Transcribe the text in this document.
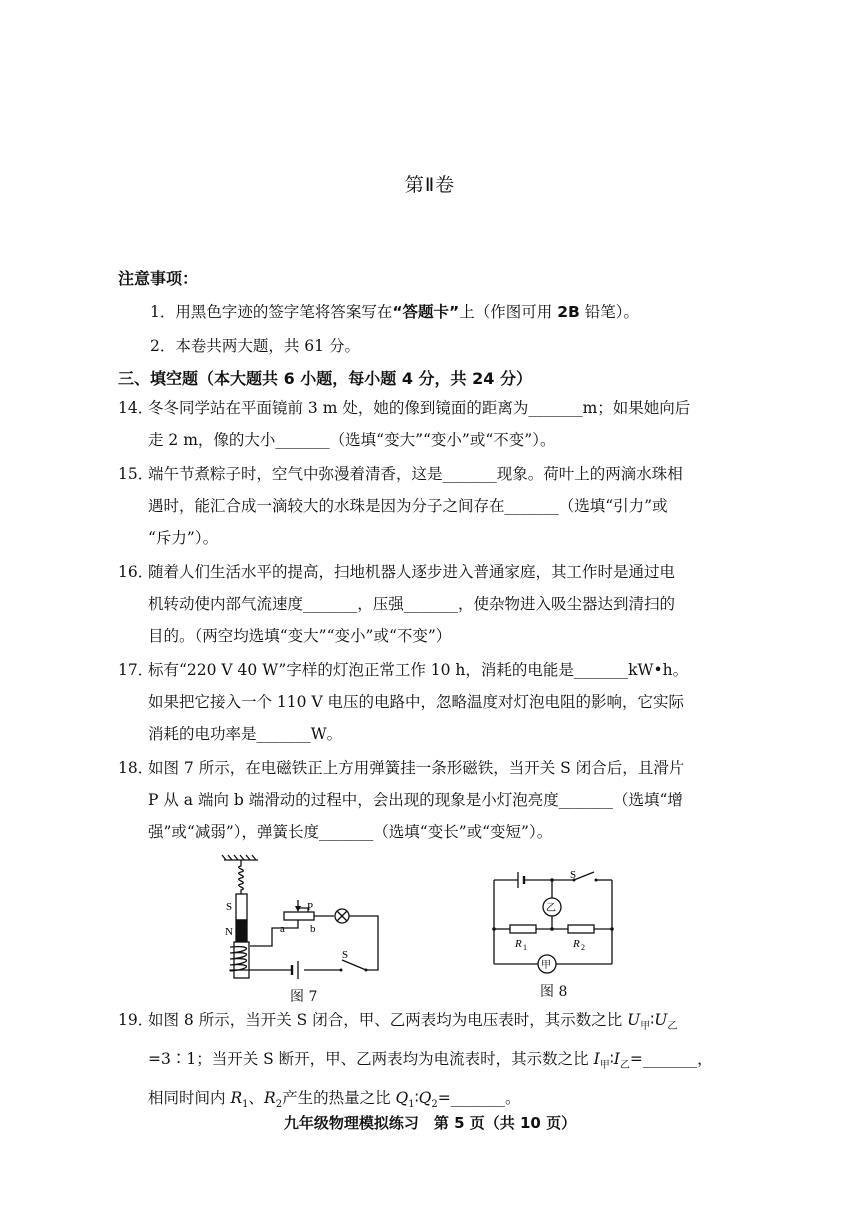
第Ⅱ卷
注意事项：
1．用黑色字迹的签字笔将答案写在“答题卡”上（作图可用 2B 铅笔）。
2．本卷共两大题，共 61 分。
三、填空题（本大题共 6 小题，每小题 4 分，共 24 分）
14．
冬冬同学站在平面镜前 3 m 处，她的像到镜面的距离为_______m；如果她向后
走 2 m，像的大小_______（选填“变大”“变小”或“不变”）。
15．
端午节煮粽子时，空气中弥漫着清香，这是_______现象。荷叶上的两滴水珠相
遇时，能汇合成一滴较大的水珠是因为分子之间存在_______（选填“引力”或
“斥力”）。
16．
随着人们生活水平的提高，扫地机器人逐步进入普通家庭，其工作时是通过电
机转动使内部气流速度_______，压强_______，使杂物进入吸尘器达到清扫的
目的。（两空均选填“变大”“变小”或“不变”）
17．
标有“220 V 40 W”字样的灯泡正常工作 10 h，消耗的电能是_______kW•h。
如果把它接入一个 110 V 电压的电路中，忽略温度对灯泡电阻的影响，它实际
消耗的电功率是_______W。
18．
如图 7 所示，在电磁铁正上方用弹簧挂一条形磁铁，当开关 S 闭合后，且滑片
P 从 a 端向 b 端滑动的过程中，会出现的现象是小灯泡亮度_______（选填“增
强”或“减弱”），弹簧长度_______（选填“变长”或“变短”）。
S
N
P
a b
S
图 7
S
乙
甲
R 1	R 2
图 8
19．
如图 8 所示，当开关 S 闭合，甲、乙两表均为电压表时，其示数之比 $U_甲∶U_乙$
=3∶1；当开关 S 断开，甲、乙两表均为电流表时，其示数之比 $I_甲∶I_乙=\_\_\_\_\_\_\_$，
相同时间内 $R_1$、$R_2$产生的热量之比 $Q_1∶Q_2=\_\_\_\_\_\_\_$。
九年级物理模拟练习　第 5 页（共 10 页）
